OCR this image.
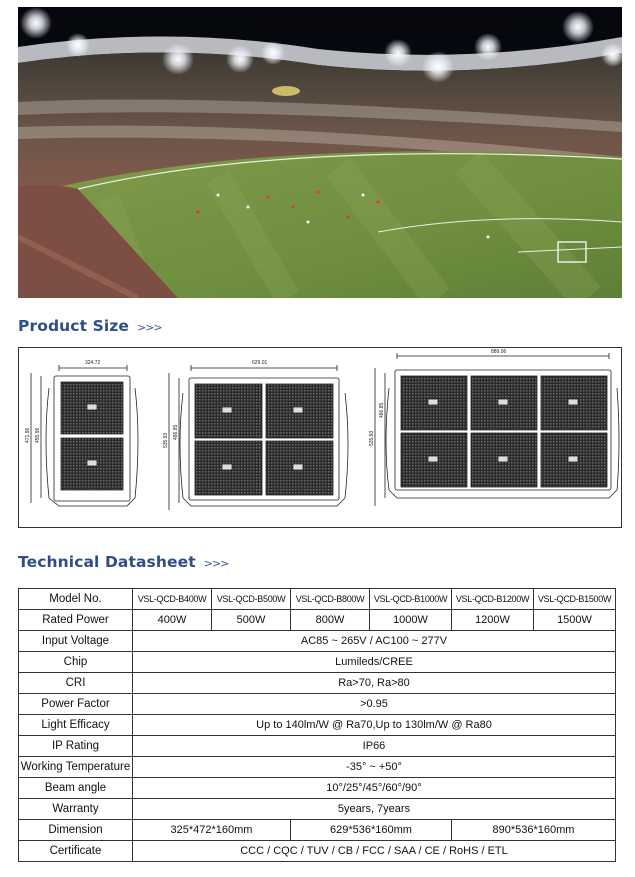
Product Size >>>
324.72
471.96 455.96
629.01
535.93
486.85
889.06
535.93
486.85
Technical Datasheet >>>
Model No.	VSL-QCD-B400W	VSL-QCD-B500W	VSL-QCD-B800W	VSL-QCD-B1000W	VSL-QCD-B1200W	VSL-QCD-B1500W
Rated Power	400W	500W	800W	1000W	1200W	1500W
Input Voltage	AC85 ~ 265V / AC100 ~ 277V					
Chip	Lumileds/CREE					
CRI	Ra>70, Ra>80					
Power Factor	>0.95					
Light Efficacy	Up to 140lm/W @ Ra70,Up to 130lm/W @ Ra80					
IP Rating	IP66					
Working Temperature	-35° ~ +50°					
Beam angle	10°/25°/45°/60°/90°					
Warranty	5years, 7years					
Dimension	325*472*160mm		629*536*160mm		890*536*160mm	
Certificate	CCC / CQC / TUV / CB / FCC / SAA / CE / RoHS / ETL					
